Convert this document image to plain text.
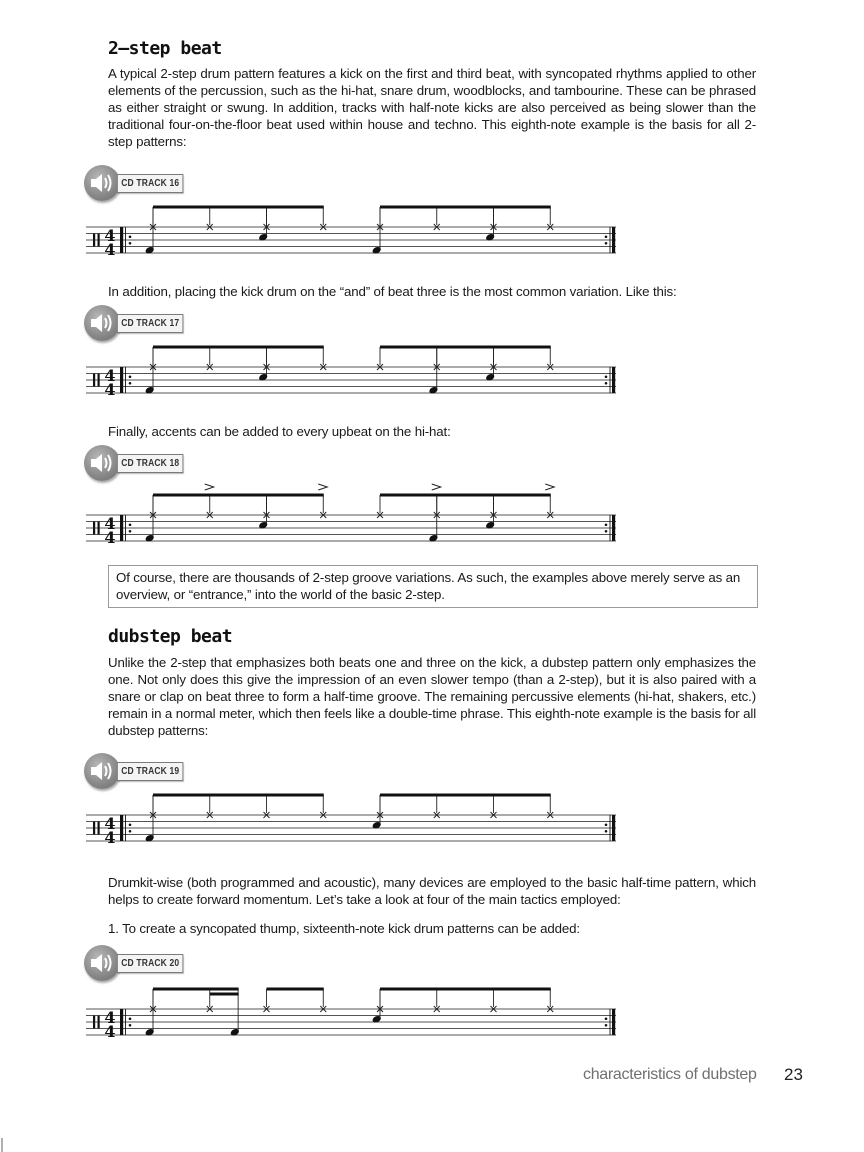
2–step beat

A typical 2-step drum pattern features a kick on the first and third beat, with syncopated rhythms applied to other elements of the percussion, such as the hi-hat, snare drum, woodblocks, and tambourine. These can be phrased as either straight or swung. In addition, tracks with half-note kicks are also perceived as being slower than the traditional four-on-the-floor beat used within house and techno. This eighth-note example is the basis for all 2-step patterns:

CD TRACK 16
4
4

In addition, placing the kick drum on the “and” of beat three is the most common variation. Like this:

CD TRACK 17
4
4

Finally, accents can be added to every upbeat on the hi-hat:

CD TRACK 18
4
4
Of course, there are thousands of 2-step groove variations. As such, the examples above merely serve as an overview, or “entrance,” into the world of the basic 2-step.
dubstep beat

Unlike the 2-step that emphasizes both beats one and three on the kick, a dubstep pattern only emphasizes the one. Not only does this give the impression of an even slower tempo (than a 2-step), but it is also paired with a snare or clap on beat three to form a half-time groove. The remaining percussive elements (hi-hat, shakers, etc.) remain in a normal meter, which then feels like a double-time phrase. This eighth-note example is the basis for all dubstep patterns:

CD TRACK 19
4
4

Drumkit-wise (both programmed and acoustic), many devices are employed to the basic half-time pattern, which helps to create forward momentum. Let’s take a look at four of the main tactics employed:

1. To create a syncopated thump, sixteenth-note kick drum patterns can be added:

CD TRACK 20
4
4
characteristics of dubstep 23
